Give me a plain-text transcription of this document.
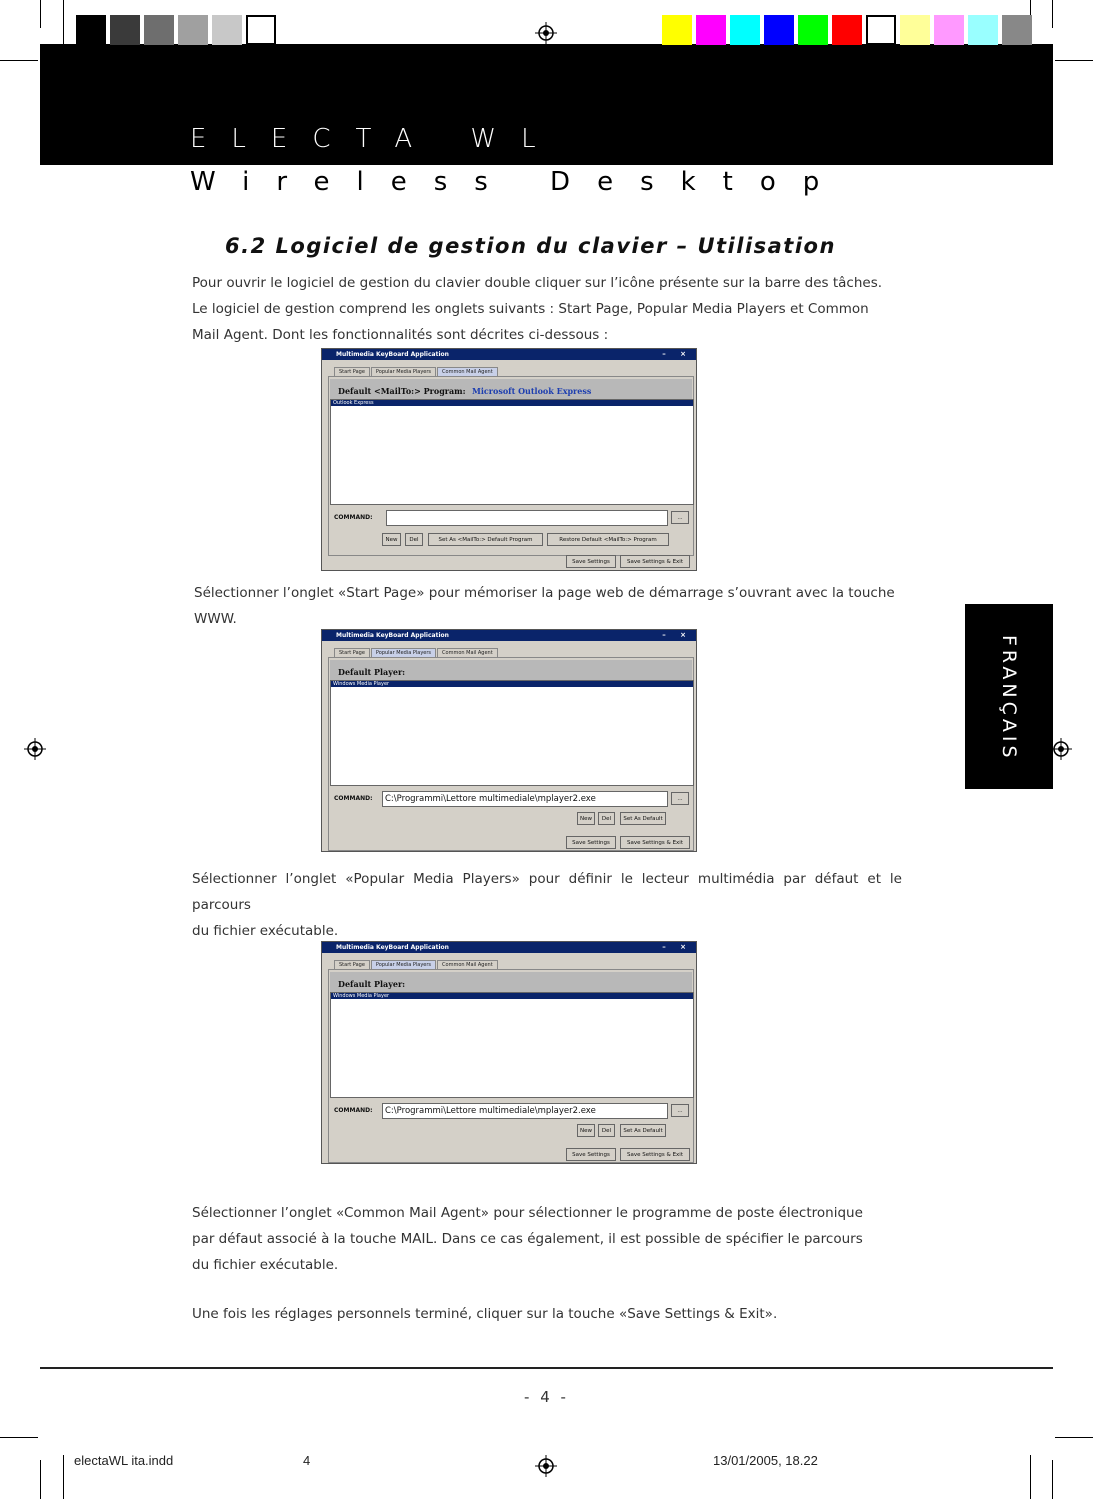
ELECTA WL
Wireless Desktop
6.2 Logiciel de gestion du clavier – Utilisation
Pour ouvrir le logiciel de gestion du clavier double cliquer sur l’icône présente sur la barre des tâches.
Le logiciel de gestion comprend les onglets suivants : Start Page, Popular Media Players et Common
Mail Agent. Dont les fonctionnalités sont décrites ci-dessous :
Multimedia KeyBoard Application	– ×
Start Page	Popular Media Players	Common Mail Agent
Default <MailTo:> Program: Microsoft Outlook Express
Outlook Express
COMMAND:	...
New	Del	Set As <MailTo:> Default Program	Restore Default <MailTo:> Program
Save Settings	Save Settings & Exit
Sélectionner l’onglet «Start Page» pour mémoriser la page web de démarrage s’ouvrant avec la touche
WWW.
Multimedia KeyBoard Application	– ×
Start Page	Popular Media Players	Common Mail Agent
Default Player:
Windows Media Player
COMMAND:	C:\Programmi\Lettore multimediale\mplayer2.exe	...
New	Del	Set As Default
Save Settings	Save Settings & Exit
Sélectionner l’onglet «Popular Media Players» pour définir le lecteur multimédia par défaut et le parcours
du fichier exécutable.
Multimedia KeyBoard Application	– ×
Start Page	Popular Media Players	Common Mail Agent
Default Player:
Windows Media Player
COMMAND:	C:\Programmi\Lettore multimediale\mplayer2.exe	...
New	Del	Set As Default
Save Settings	Save Settings & Exit
Sélectionner l’onglet «Common Mail Agent» pour sélectionner le programme de poste électronique
par défaut associé à la touche MAIL. Dans ce cas également, il est possible de spécifier le parcours
du fichier exécutable.
Une fois les réglages personnels terminé, cliquer sur la touche «Save Settings & Exit».
FRANÇAIS
- 4 -
electaWL ita.indd	4	13/01/2005, 18.22
